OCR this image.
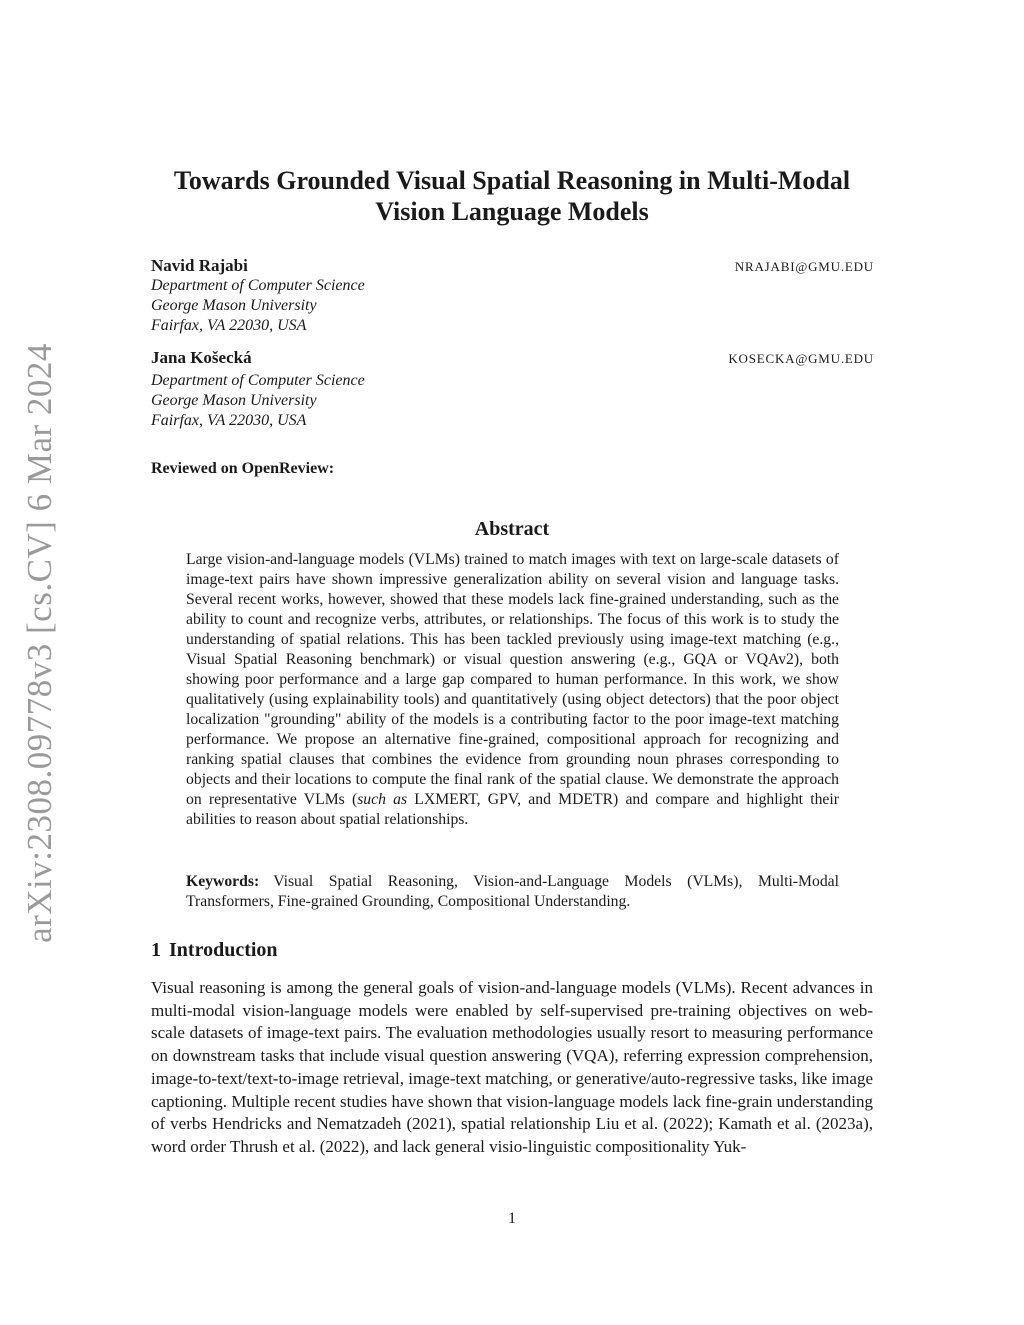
arXiv:2308.09778v3 [cs.CV] 6 Mar 2024
Towards Grounded Visual Spatial Reasoning in Multi-Modal
Vision Language Models
Navid Rajabi	NRAJABI@GMU.EDU
Department of Computer Science
George Mason University
Fairfax, VA 22030, USA
Jana Košecká	KOSECKA@GMU.EDU
Department of Computer Science
George Mason University
Fairfax, VA 22030, USA
Reviewed on OpenReview:
Abstract
Large vision-and-language models (VLMs) trained to match images with text on large-scale datasets of image-text pairs have shown impressive generalization ability on several vision and language tasks. Several recent works, however, showed that these models lack fine-grained understanding, such as the ability to count and recognize verbs, attributes, or relationships. The focus of this work is to study the understanding of spatial relations. This has been tackled previously using image-text matching (e.g., Visual Spatial Reasoning benchmark) or visual question answering (e.g., GQA or VQAv2), both showing poor performance and a large gap compared to human performance. In this work, we show qualitatively (using explainability tools) and quantitatively (using object detectors) that the poor object localization "grounding" ability of the models is a contributing factor to the poor image-text matching performance. We propose an alternative fine-grained, compositional approach for recognizing and ranking spatial clauses that combines the evidence from grounding noun phrases corresponding to objects and their locations to compute the final rank of the spatial clause. We demonstrate the approach on representative VLMs (such as LXMERT, GPV, and MDETR) and compare and highlight their abilities to reason about spatial relationships.
Keywords: Visual Spatial Reasoning, Vision-and-Language Models (VLMs), Multi-Modal Transformers, Fine-grained Grounding, Compositional Understanding.
1 Introduction
Visual reasoning is among the general goals of vision-and-language models (VLMs). Recent advances in multi-modal vision-language models were enabled by self-supervised pre-training objectives on web-scale datasets of image-text pairs. The evaluation methodologies usually resort to measuring performance on downstream tasks that include visual question answering (VQA), referring expression comprehension, image-to-text/text-to-image retrieval, image-text matching, or generative/auto-regressive tasks, like image captioning. Multiple recent studies have shown that vision-language models lack fine-grain understanding of verbs Hendricks and Nematzadeh (2021), spatial relationship Liu et al. (2022); Kamath et al. (2023a), word order Thrush et al. (2022), and lack general visio-linguistic compositionality Yuk-
1
